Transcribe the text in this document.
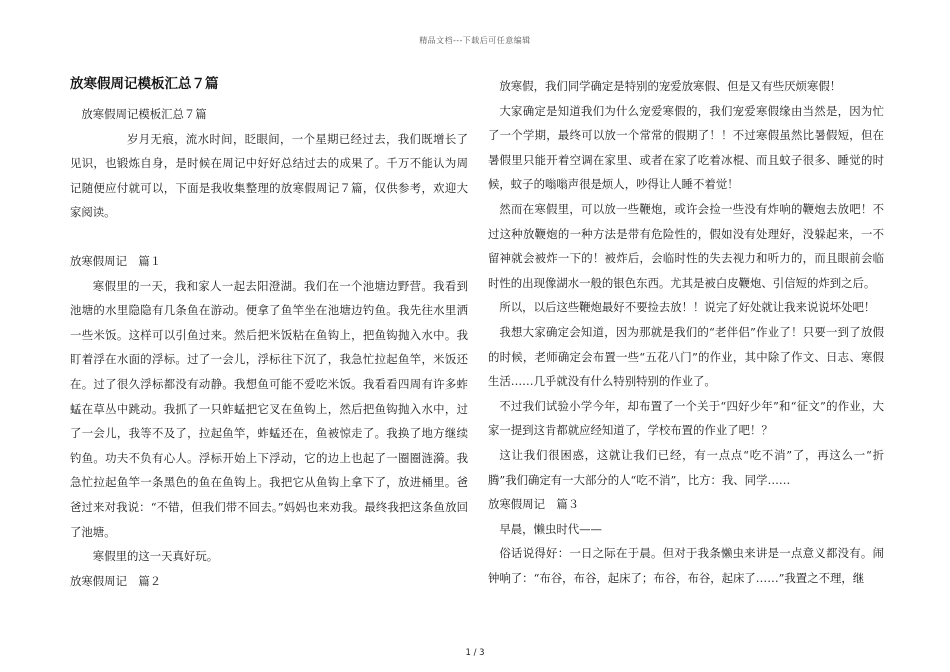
精品文档---下载后可任意编辑
放寒假周记模板汇总７篇

放寒假周记模板汇总７篇

岁月无痕，流水时间，眨眼间，一个星期已经过去，我们既增长了见识，也锻炼自身，是时候在周记中好好总结过去的成果了。千万不能认为周记随便应付就可以，下面是我收集整理的放寒假周记７篇，仅供参考，欢迎大家阅读。

放寒假周记　篇１

寒假里的一天，我和家人一起去阳澄湖。我们在一个池塘边野营。我看到池塘的水里隐隐有几条鱼在游动。便拿了鱼竿坐在池塘边钓鱼。我先往水里洒一些米饭。这样可以引鱼过来。然后把米饭粘在鱼钩上，把鱼钩抛入水中。我盯着浮在水面的浮标。过了一会儿，浮标往下沉了，我急忙拉起鱼竿，米饭还在。过了很久浮标都没有动静。我想鱼可能不爱吃米饭。我看看四周有许多蚱蜢在草丛中跳动。我抓了一只蚱蜢把它叉在鱼钩上，然后把鱼钩抛入水中，过了一会儿，我等不及了，拉起鱼竿，蚱蜢还在，鱼被惊走了。我换了地方继续钓鱼。功夫不负有心人。浮标开始上下浮动，它的边上也起了一圈圈涟漪。我急忙拉起鱼竿一条黑色的鱼在鱼钩上。我把它从鱼钩上拿下了，放进桶里。爸爸过来对我说：“不错，但我们带不回去。”妈妈也来劝我。最终我把这条鱼放回了池塘。

寒假里的这一天真好玩。

放寒假周记　篇２

放寒假，我们同学确定是特别的宠爱放寒假、但是又有些厌烦寒假！

大家确定是知道我们为什么宠爱寒假的，我们宠爱寒假缘由当然是，因为忙了一个学期，最终可以放一个常常的假期了！！不过寒假虽然比暑假短，但在暑假里只能开着空调在家里、或者在家了吃着冰棍、而且蚊子很多、睡觉的时候，蚊子的嗡嗡声很是烦人，吵得让人睡不着觉！

然而在寒假里，可以放一些鞭炮，或许会捡一些没有炸响的鞭炮去放吧！不过这种放鞭炮的一种方法是带有危险性的，假如没有处理好，没躲起来，一不留神就会被炸一下的！被炸后，会临时性的失去视力和听力的，而且眼前会临时性的出现像湖水一般的银色东西。尤其是被白皮鞭炮、引信短的炸到之后。

所以，以后这些鞭炮最好不要捡去放！！说完了好处就让我来说说坏处吧！

我想大家确定会知道，因为那就是我们的“老伴侣”作业了！只要一到了放假的时候，老师确定会布置一些“五花八门”的作业，其中除了作文、日志、寒假生活……几乎就没有什么特别特别的作业了。

不过我们试验小学今年，却布置了一个关于“四好少年”和“征文”的作业，大家一提到这肯都就应经知道了，学校布置的作业了吧！？

这让我们很困惑，这就让我们已经，有一点点“吃不消”了，再这么一“折腾”我们确定有一大部分的人“吃不消”，比方：我、同学……

放寒假周记　篇３

早晨，懒虫时代——

俗话说得好：一日之际在于晨。但对于我条懒虫来讲是一点意义都没有。闹钟响了：“布谷，布谷，起床了；布谷，布谷，起床了……”我置之不理，继

1 / 3
